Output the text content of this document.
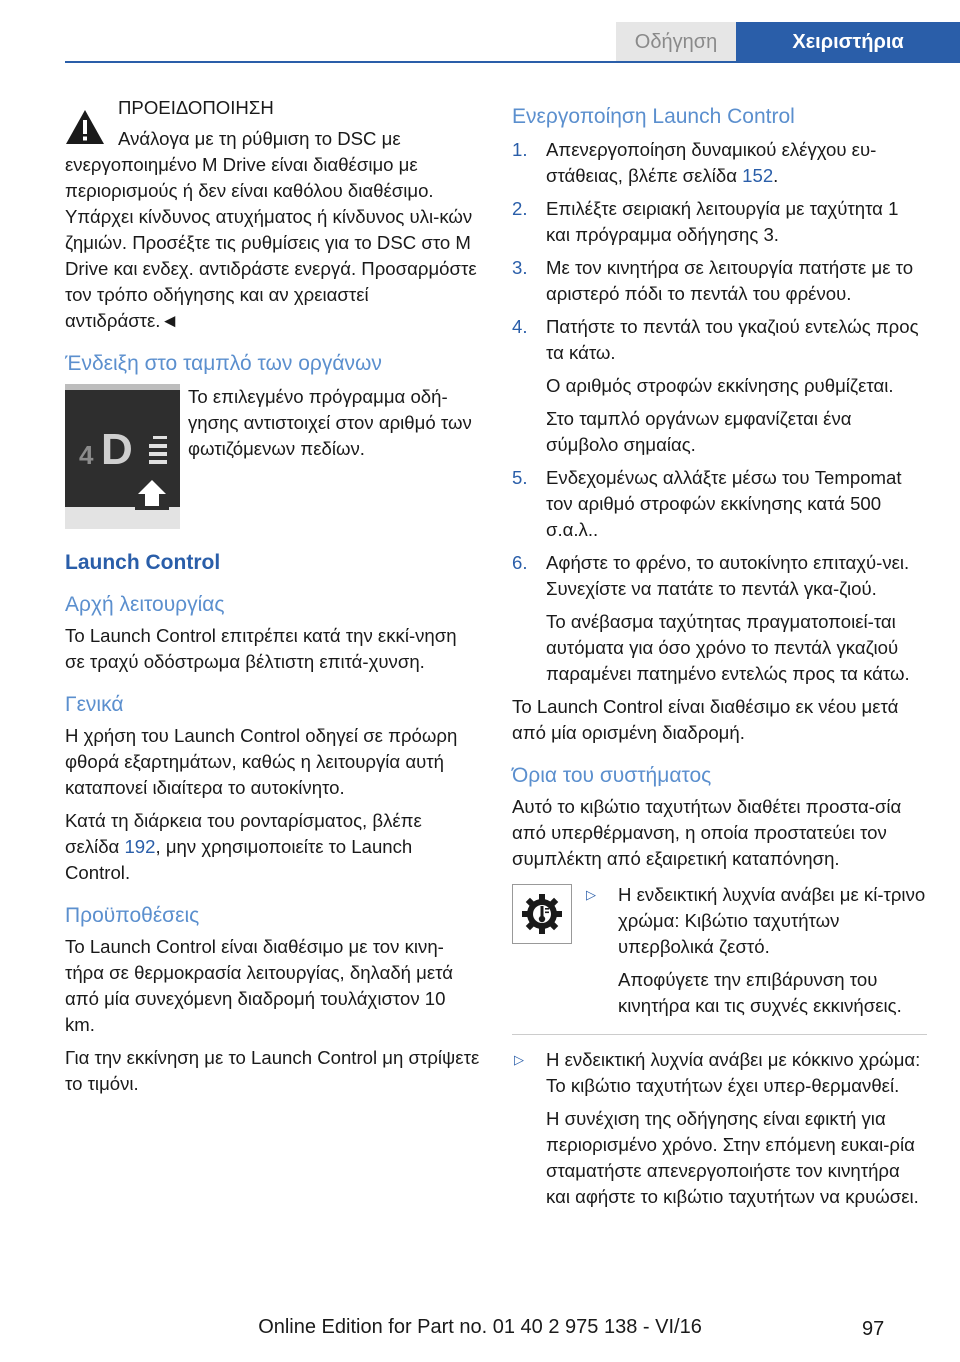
Οδήγηση	Χειριστήρια
ΠΡΟΕΙΔΟΠΟΙΗΣΗ
Ανάλογα με τη ρύθμιση το DSC με

ενεργοποιημένο M Drive είναι διαθέσιμο με περιορισμούς ή δεν είναι καθόλου διαθέσιμο. Υπάρχει κίνδυνος ατυχήματος ή κίνδυνος υλι‐κών ζημιών. Προσέξτε τις ρυθμίσεις για το DSC στο M Drive και ενδεχ. αντιδράστε ενεργά. Προσαρμόστε τον τρόπο οδήγησης και αν χρειαστεί αντιδράστε.◄

Ένδειξη στο ταμπλό των οργάνων
4 D

Το επιλεγμένο πρόγραμμα οδή‐γησης αντιστοιχεί στον αριθμό των φωτιζόμενων πεδίων.

Launch Control
Αρχή λειτουργίας

Το Launch Control επιτρέπει κατά την εκκί‐νηση σε τραχύ οδόστρωμα βέλτιστη επιτά‐χυνση.

Γενικά

Η χρήση του Launch Control οδηγεί σε πρόωρη φθορά εξαρτημάτων, καθώς η λειτουργία αυτή καταπονεί ιδιαίτερα το αυτοκίνητο.

Κατά τη διάρκεια του ρονταρίσματος, βλέπε σελίδα 192, μην χρησιμοποιείτε το Launch Control.

Προϋποθέσεις

Το Launch Control είναι διαθέσιμο με τον κινη‐τήρα σε θερμοκρασία λειτουργίας, δηλαδή μετά από μία συνεχόμενη διαδρομή τουλάχιστον 10 km.

Για την εκκίνηση με το Launch Control μη στρίψετε το τιμόνι.

Ενεργοποίηση Launch Control
1. Απενεργοποίηση δυναμικού ελέγχου ευ‐στάθειας, βλέπε σελίδα 152.

2. Επιλέξτε σειριακή λειτουργία με ταχύτητα 1 και πρόγραμμα οδήγησης 3.

3. Με τον κινητήρα σε λειτουργία πατήστε με το αριστερό πόδι το πεντάλ του φρένου.

4. Πατήστε το πεντάλ του γκαζιού εντελώς προς τα κάτω.

Ο αριθμός στροφών εκκίνησης ρυθμίζεται.

Στο ταμπλό οργάνων εμφανίζεται ένα σύμβολο σημαίας.

5. Ενδεχομένως αλλάξτε μέσω του Tempomat τον αριθμό στροφών εκκίνησης κατά 500 σ.α.λ..

6. Αφήστε το φρένο, το αυτοκίνητο επιταχύ‐νει. Συνεχίστε να πατάτε το πεντάλ γκα‐ζιού.

Το ανέβασμα ταχύτητας πραγματοποιεί‐ται αυτόματα για όσο χρόνο το πεντάλ γκαζιού παραμένει πατημένο εντελώς προς τα κάτω.

Το Launch Control είναι διαθέσιμο εκ νέου μετά από μία ορισμένη διαδρομή.

Όρια του συστήματος

Αυτό το κιβώτιο ταχυτήτων διαθέτει προστα‐σία από υπερθέρμανση, η οποία προστατεύει τον συμπλέκτη από εξαιρετική καταπόνηση.

▷	Η ενδεικτική λυχνία ανάβει με κί‐τρινο χρώμα: Κιβώτιο ταχυτήτων υπερβολικά ζεστό.

Αποφύγετε την επιβάρυνση του κινητήρα και τις συχνές εκκινήσεις.

▷	Η ενδεικτική λυχνία ανάβει με κόκκινο χρώμα: Το κιβώτιο ταχυτήτων έχει υπερ‐θερμανθεί.

Η συνέχιση της οδήγησης είναι εφικτή για περιορισμένο χρόνο. Στην επόμενη ευκαι‐ρία σταματήστε απενεργοποιήστε τον κινητήρα και αφήστε το κιβώτιο ταχυτήτων να κρυώσει.

Online Edition for Part no. 01 40 2 975 138 - VI/16	97
